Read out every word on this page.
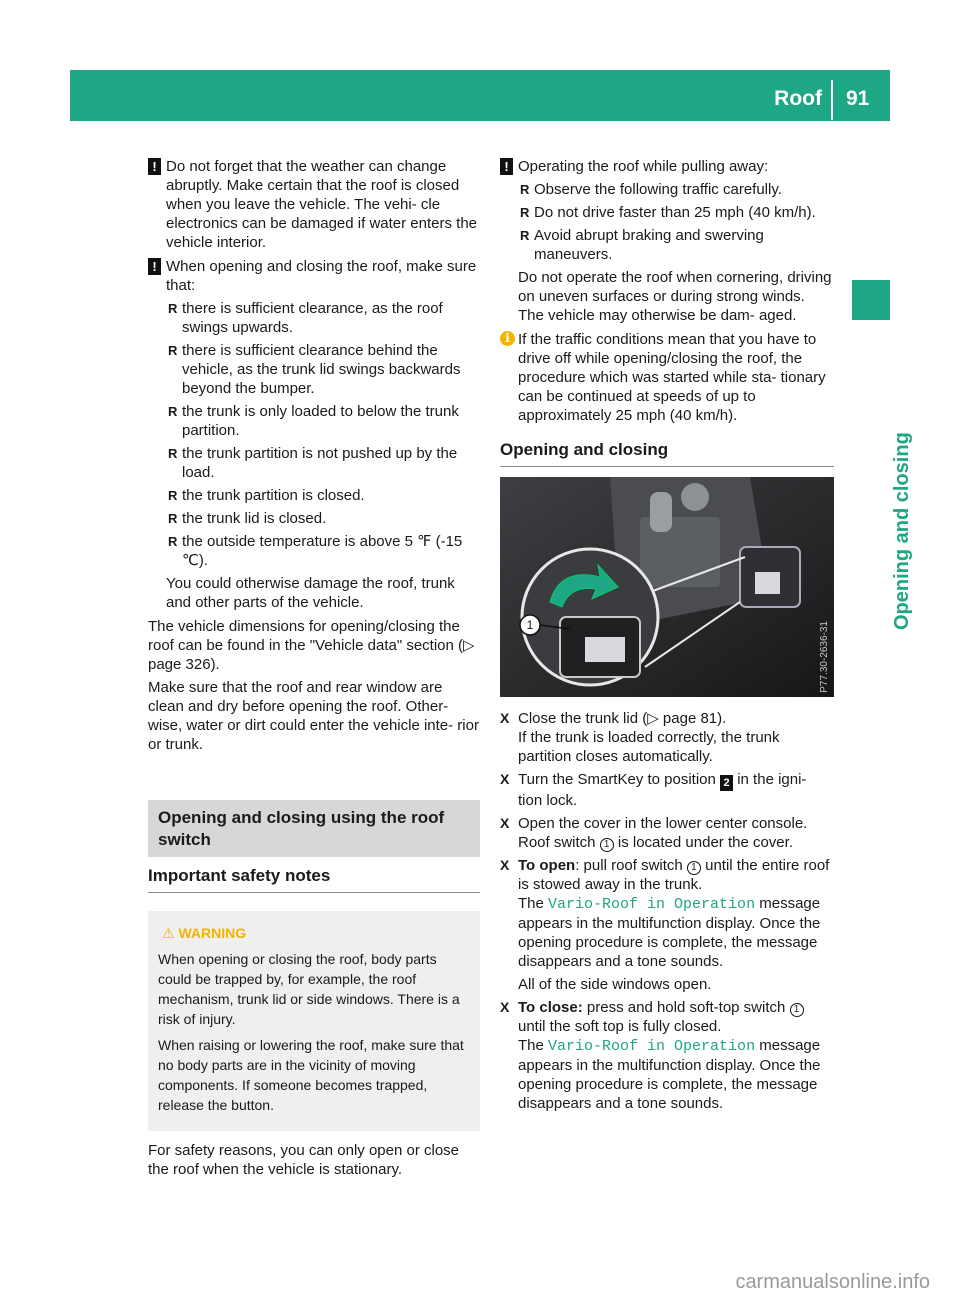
Roof 91
Opening and closing
! Do not forget that the weather can change abruptly. Make certain that the roof is closed when you leave the vehicle. The vehi- cle electronics can be damaged if water enters the vehicle interior.
! When opening and closing the roof, make sure that:

R there is sufficient clearance, as the roof swings upwards.
R there is sufficient clearance behind the vehicle, as the trunk lid swings backwards beyond the bumper.
R the trunk is only loaded to below the trunk partition.
R the trunk partition is not pushed up by the load.
R the trunk partition is closed.
R the trunk lid is closed.
R the outside temperature is above 5 ℉ (‑15 ℃).

You could otherwise damage the roof, trunk and other parts of the vehicle.

The vehicle dimensions for opening/closing the roof can be found in the "Vehicle data" section (▷ page 326).

Make sure that the roof and rear window are clean and dry before opening the roof. Other- wise, water or dirt could enter the vehicle inte- rior or trunk.

Opening and closing using the roof switch
Important safety notes
⚠ WARNING

When opening or closing the roof, body parts could be trapped by, for example, the roof mechanism, trunk lid or side windows. There is a risk of injury.

When raising or lowering the roof, make sure that no body parts are in the vicinity of moving components. If someone becomes trapped, release the button.

For safety reasons, you can only open or close the roof when the vehicle is stationary.

! Operating the roof while pulling away:

R Observe the following traffic carefully.
R Do not drive faster than 25 mph (40 km/h).
R Avoid abrupt braking and swerving maneuvers.

Do not operate the roof when cornering, driving on uneven surfaces or during strong winds. The vehicle may otherwise be dam- aged.

i If the traffic conditions mean that you have to drive off while opening/closing the roof, the procedure which was started while sta- tionary can be continued at speeds of up to approximately 25 mph (40 km/h).
Opening and closing
1	P77.30-2636-31
X Close the trunk lid (▷ page 81).
If the trunk is loaded correctly, the trunk partition closes automatically.
X Turn the SmartKey to position 2 in the igni- tion lock.
X Open the cover in the lower center console. Roof switch 1 is located under the cover.
X To open: pull roof switch 1 until the entire roof is stowed away in the trunk.
The Vario-Roof in Operation message appears in the multifunction display. Once the opening procedure is complete, the message disappears and a tone sounds.

All of the side windows open.

X To close: press and hold soft-top switch 1 until the soft top is fully closed.
The Vario-Roof in Operation message appears in the multifunction display. Once the opening procedure is complete, the message disappears and a tone sounds.
carmanualsonline.info
